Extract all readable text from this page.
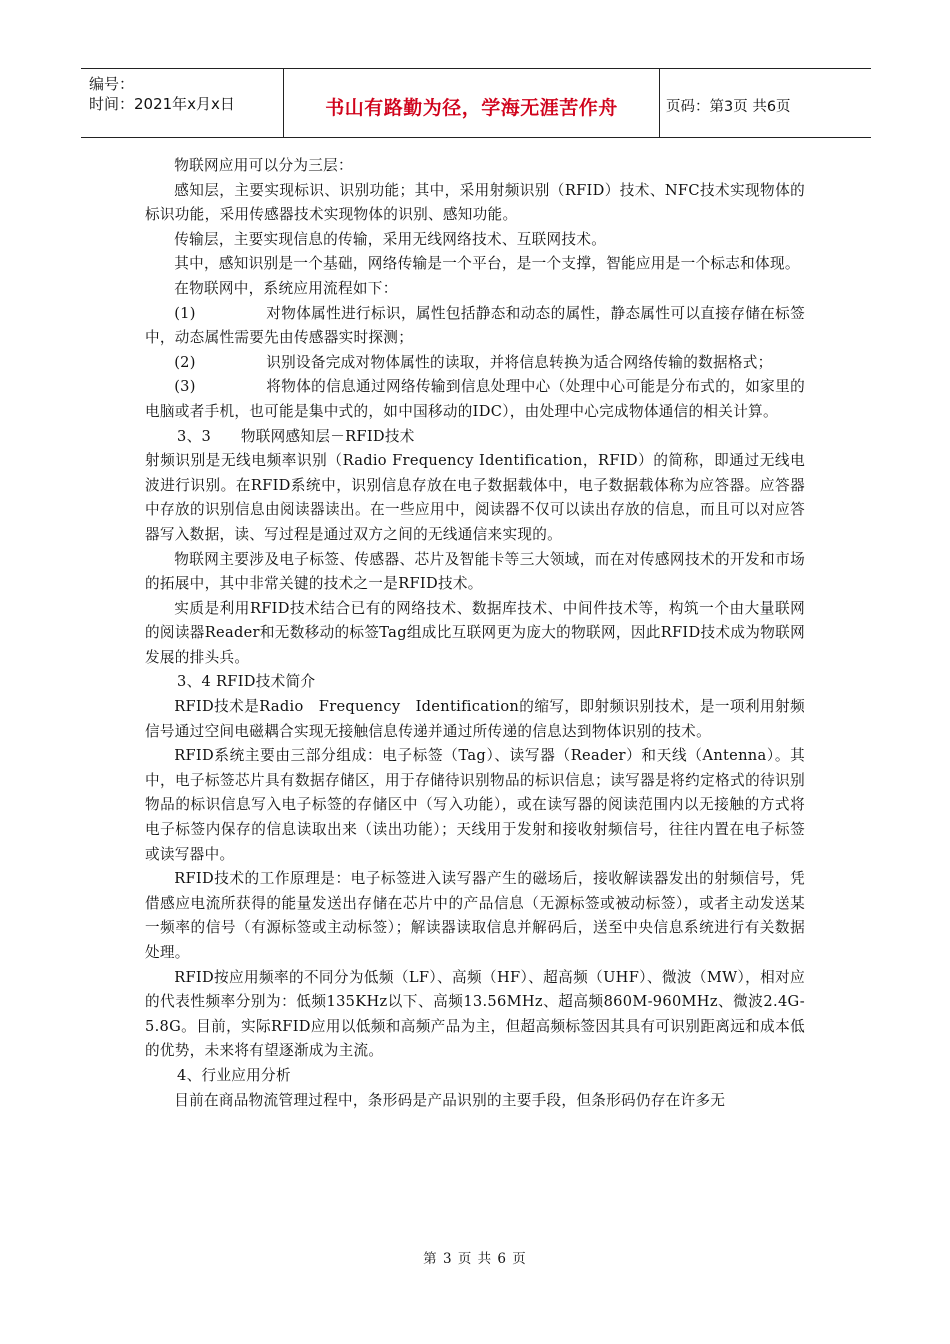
编号：
时间：2021年x月x日	书山有路勤为径，学海无涯苦作舟	页码：第3页 共6页

物联网应用可以分为三层：

感知层，主要实现标识、识别功能；其中，采用射频识别（RFID）技术、NFC技术实现物体的标识功能，采用传感器技术实现物体的识别、感知功能。

传输层，主要实现信息的传输，采用无线网络技术、互联网技术。

其中，感知识别是一个基础，网络传输是一个平台，是一个支撑，智能应用是一个标志和体现。

在物联网中，系统应用流程如下：

(1)	对物体属性进行标识，属性包括静态和动态的属性，静态属性可以直接存储在标签中，动态属性需要先由传感器实时探测；

(2)	识别设备完成对物体属性的读取，并将信息转换为适合网络传输的数据格式；

(3)	将物体的信息通过网络传输到信息处理中心（处理中心可能是分布式的，如家里的电脑或者手机，也可能是集中式的，如中国移动的IDC），由处理中心完成物体通信的相关计算。

3、3　　物联网感知层－RFID技术

射频识别是无线电频率识别（Radio Frequency Identification，RFID）的简称，即通过无线电波进行识别。在RFID系统中，识别信息存放在电子数据载体中，电子数据载体称为应答器。应答器中存放的识别信息由阅读器读出。在一些应用中，阅读器不仅可以读出存放的信息，而且可以对应答器写入数据，读、写过程是通过双方之间的无线通信来实现的。

物联网主要涉及电子标签、传感器、芯片及智能卡等三大领域，而在对传感网技术的开发和市场的拓展中，其中非常关键的技术之一是RFID技术。

实质是利用RFID技术结合已有的网络技术、数据库技术、中间件技术等，构筑一个由大量联网的阅读器Reader和无数移动的标签Tag组成比互联网更为庞大的物联网，因此RFID技术成为物联网发展的排头兵。

3、4 RFID技术简介

RFID技术是Radio　Frequency　Identification的缩写，即射频识别技术，是一项利用射频信号通过空间电磁耦合实现无接触信息传递并通过所传递的信息达到物体识别的技术。

RFID系统主要由三部分组成：电子标签（Tag）、读写器（Reader）和天线（Antenna）。其中，电子标签芯片具有数据存储区，用于存储待识别物品的标识信息；读写器是将约定格式的待识别物品的标识信息写入电子标签的存储区中（写入功能），或在读写器的阅读范围内以无接触的方式将电子标签内保存的信息读取出来（读出功能）；天线用于发射和接收射频信号，往往内置在电子标签或读写器中。

RFID技术的工作原理是：电子标签进入读写器产生的磁场后，接收解读器发出的射频信号，凭借感应电流所获得的能量发送出存储在芯片中的产品信息（无源标签或被动标签），或者主动发送某一频率的信号（有源标签或主动标签）；解读器读取信息并解码后，送至中央信息系统进行有关数据处理。

RFID按应用频率的不同分为低频（LF）、高频（HF）、超高频（UHF）、微波（MW），相对应的代表性频率分别为：低频135KHz以下、高频13.56MHz、超高频860M-960MHz、微波2.4G-5.8G。目前，实际RFID应用以低频和高频产品为主，但超高频标签因其具有可识别距离远和成本低的优势，未来将有望逐渐成为主流。

4、行业应用分析

目前在商品物流管理过程中，条形码是产品识别的主要手段，但条形码仍存在许多无

第 3 页 共 6 页
